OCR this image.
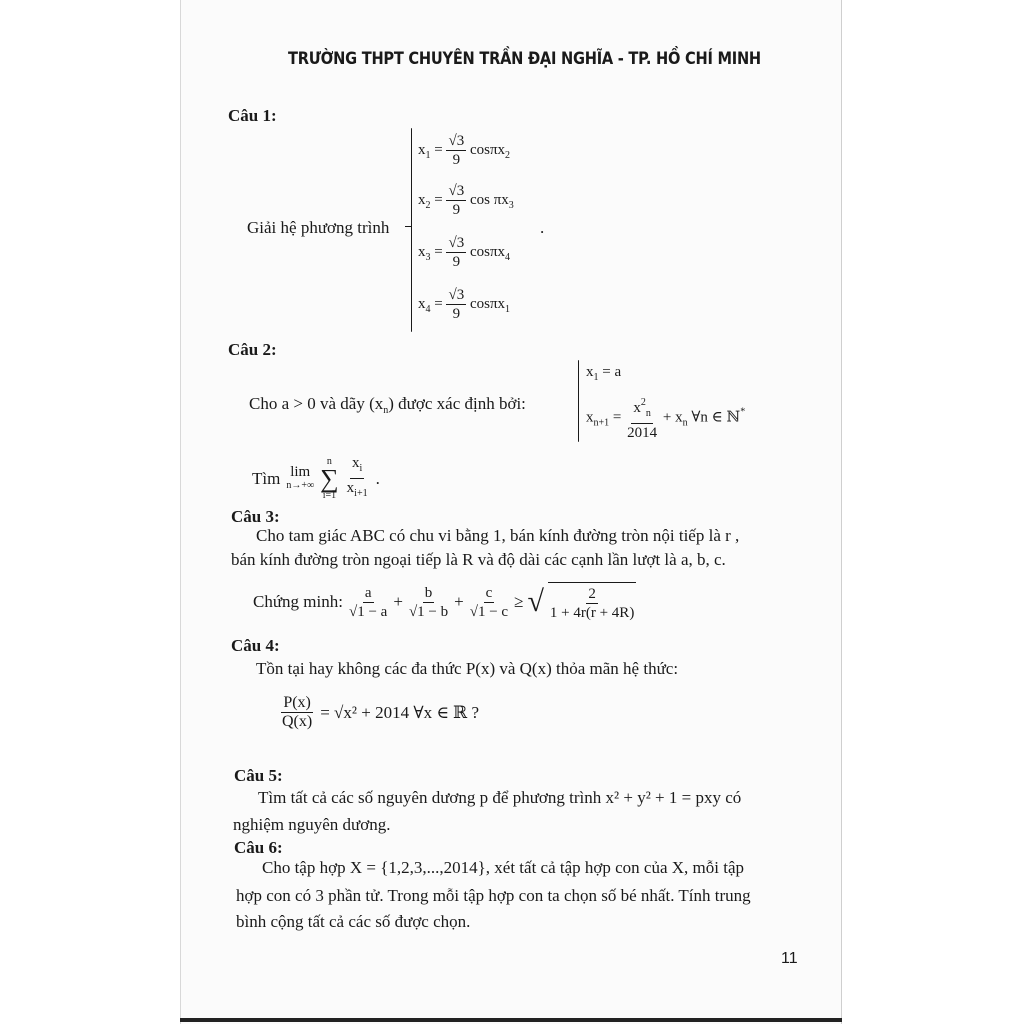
TRƯỜNG THPT CHUYÊN TRẦN ĐẠI NGHĨA - TP. HỒ CHÍ MINH
Câu 1:
Giải hệ phương trình
$x_1 = \frac{√3}{9} \cos\pi x_2$
$x_2 = \frac{√3}{9}$ $\cos \pi x_3$
$x_3 = \frac{√3}{9} \cos\pi x_4$
$x_4 = \frac{√3}{9} \cos\pi x_1$
.
Câu 2:
Cho a > 0 và dãy $(x_n)$ được xác định bởi:
$x_1 = a$
$x_{n+1} = \frac{x^2_n}{2014} + x_n$ ∀n ∈ ℕ*
Tìm lim
n→+∞
n
∑
$i=1 \frac{x_i}{x_{i+1}}$ .
Câu 3:
Cho tam giác ABC có chu vi bằng 1, bán kính đường tròn nội tiếp là r ,
bán kính đường tròn ngoại tiếp là R và độ dài các cạnh lần lượt là a, b, c.
Chứng minh: $\frac{a}{√1 - a} + \frac{b}{√1 - b} + \frac{c}{√1 - c}$ ≥ √ $\frac{2}{1 + 4r(r + 4R)}$
Câu 4:
Tồn tại hay không các đa thức P(x) và Q(x) thỏa mãn hệ thức:
$\frac{P(x)}{Q(x)} = √x^2 + 2014$ ∀x ∈ ℝ ?
Câu 5:
Tìm tất cả các số nguyên dương p để phương trình x² + y² + 1 = pxy có
nghiệm nguyên dương.
Câu 6:
Cho tập hợp X = {1,2,3,...,2014}, xét tất cả tập hợp con của X, mỗi tập
hợp con có 3 phần tử. Trong mỗi tập hợp con ta chọn số bé nhất. Tính trung
bình cộng tất cả các số được chọn.
11
